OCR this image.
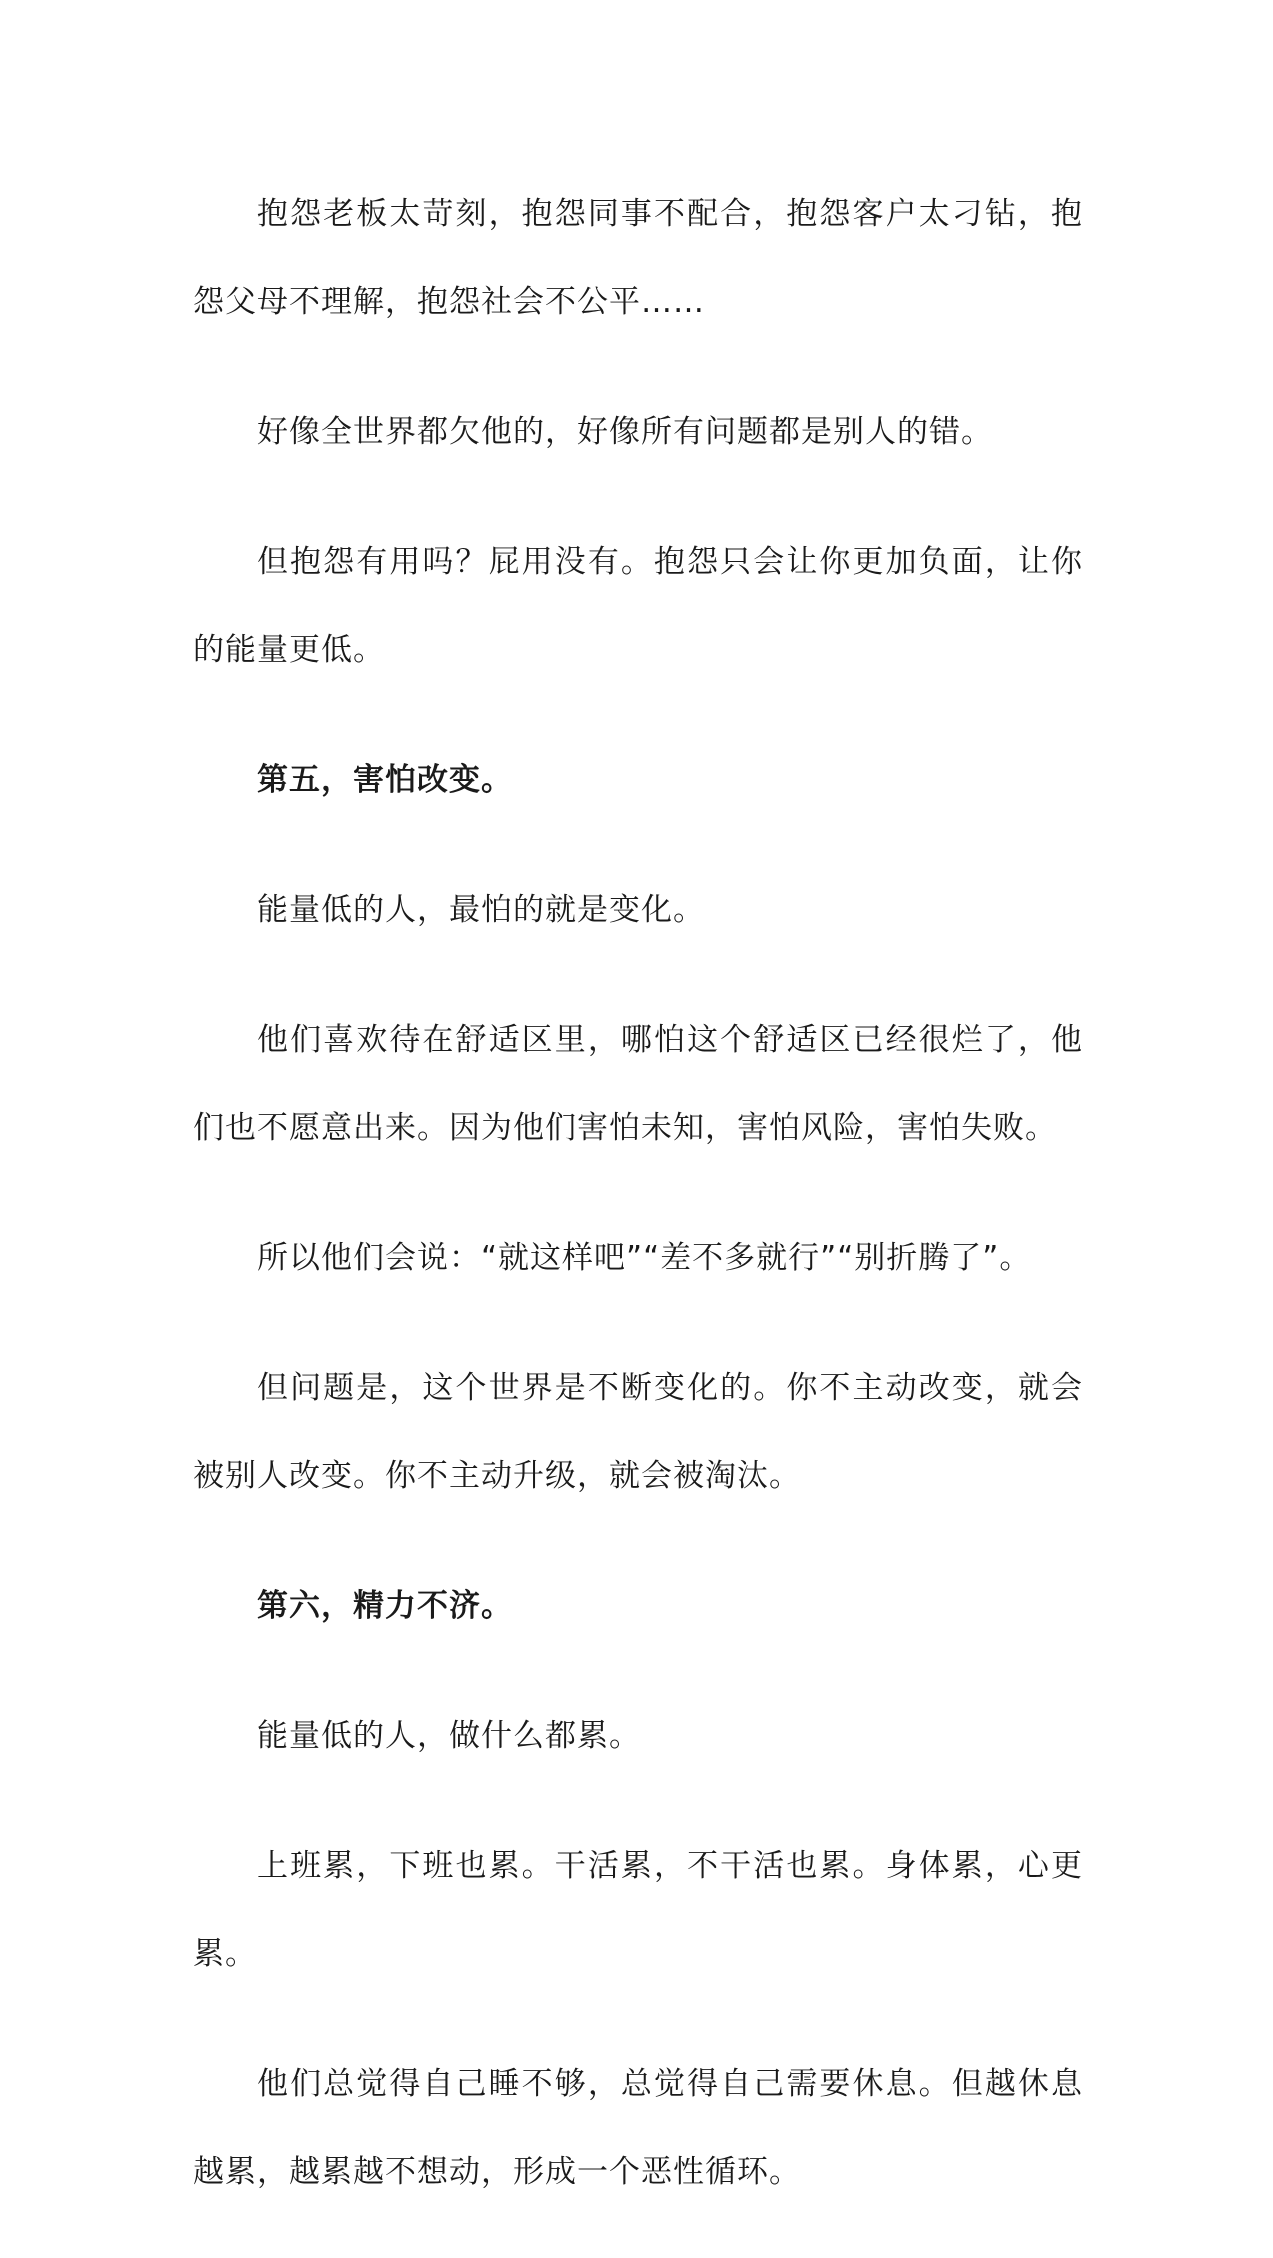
抱怨老板太苛刻，抱怨同事不配合，抱怨客户太刁钻，抱怨父母不理解，抱怨社会不公平……

好像全世界都欠他的，好像所有问题都是别人的错。

但抱怨有用吗？屁用没有。抱怨只会让你更加负面，让你的能量更低。

第五，害怕改变。

能量低的人，最怕的就是变化。

他们喜欢待在舒适区里，哪怕这个舒适区已经很烂了，他们也不愿意出来。因为他们害怕未知，害怕风险，害怕失败。

所以他们会说：“就这样吧”“差不多就行”“别折腾了”。

但问题是，这个世界是不断变化的。你不主动改变，就会被别人改变。你不主动升级，就会被淘汰。

第六，精力不济。

能量低的人，做什么都累。

上班累，下班也累。干活累，不干活也累。身体累，心更累。

他们总觉得自己睡不够，总觉得自己需要休息。但越休息越累，越累越不想动，形成一个恶性循环。
